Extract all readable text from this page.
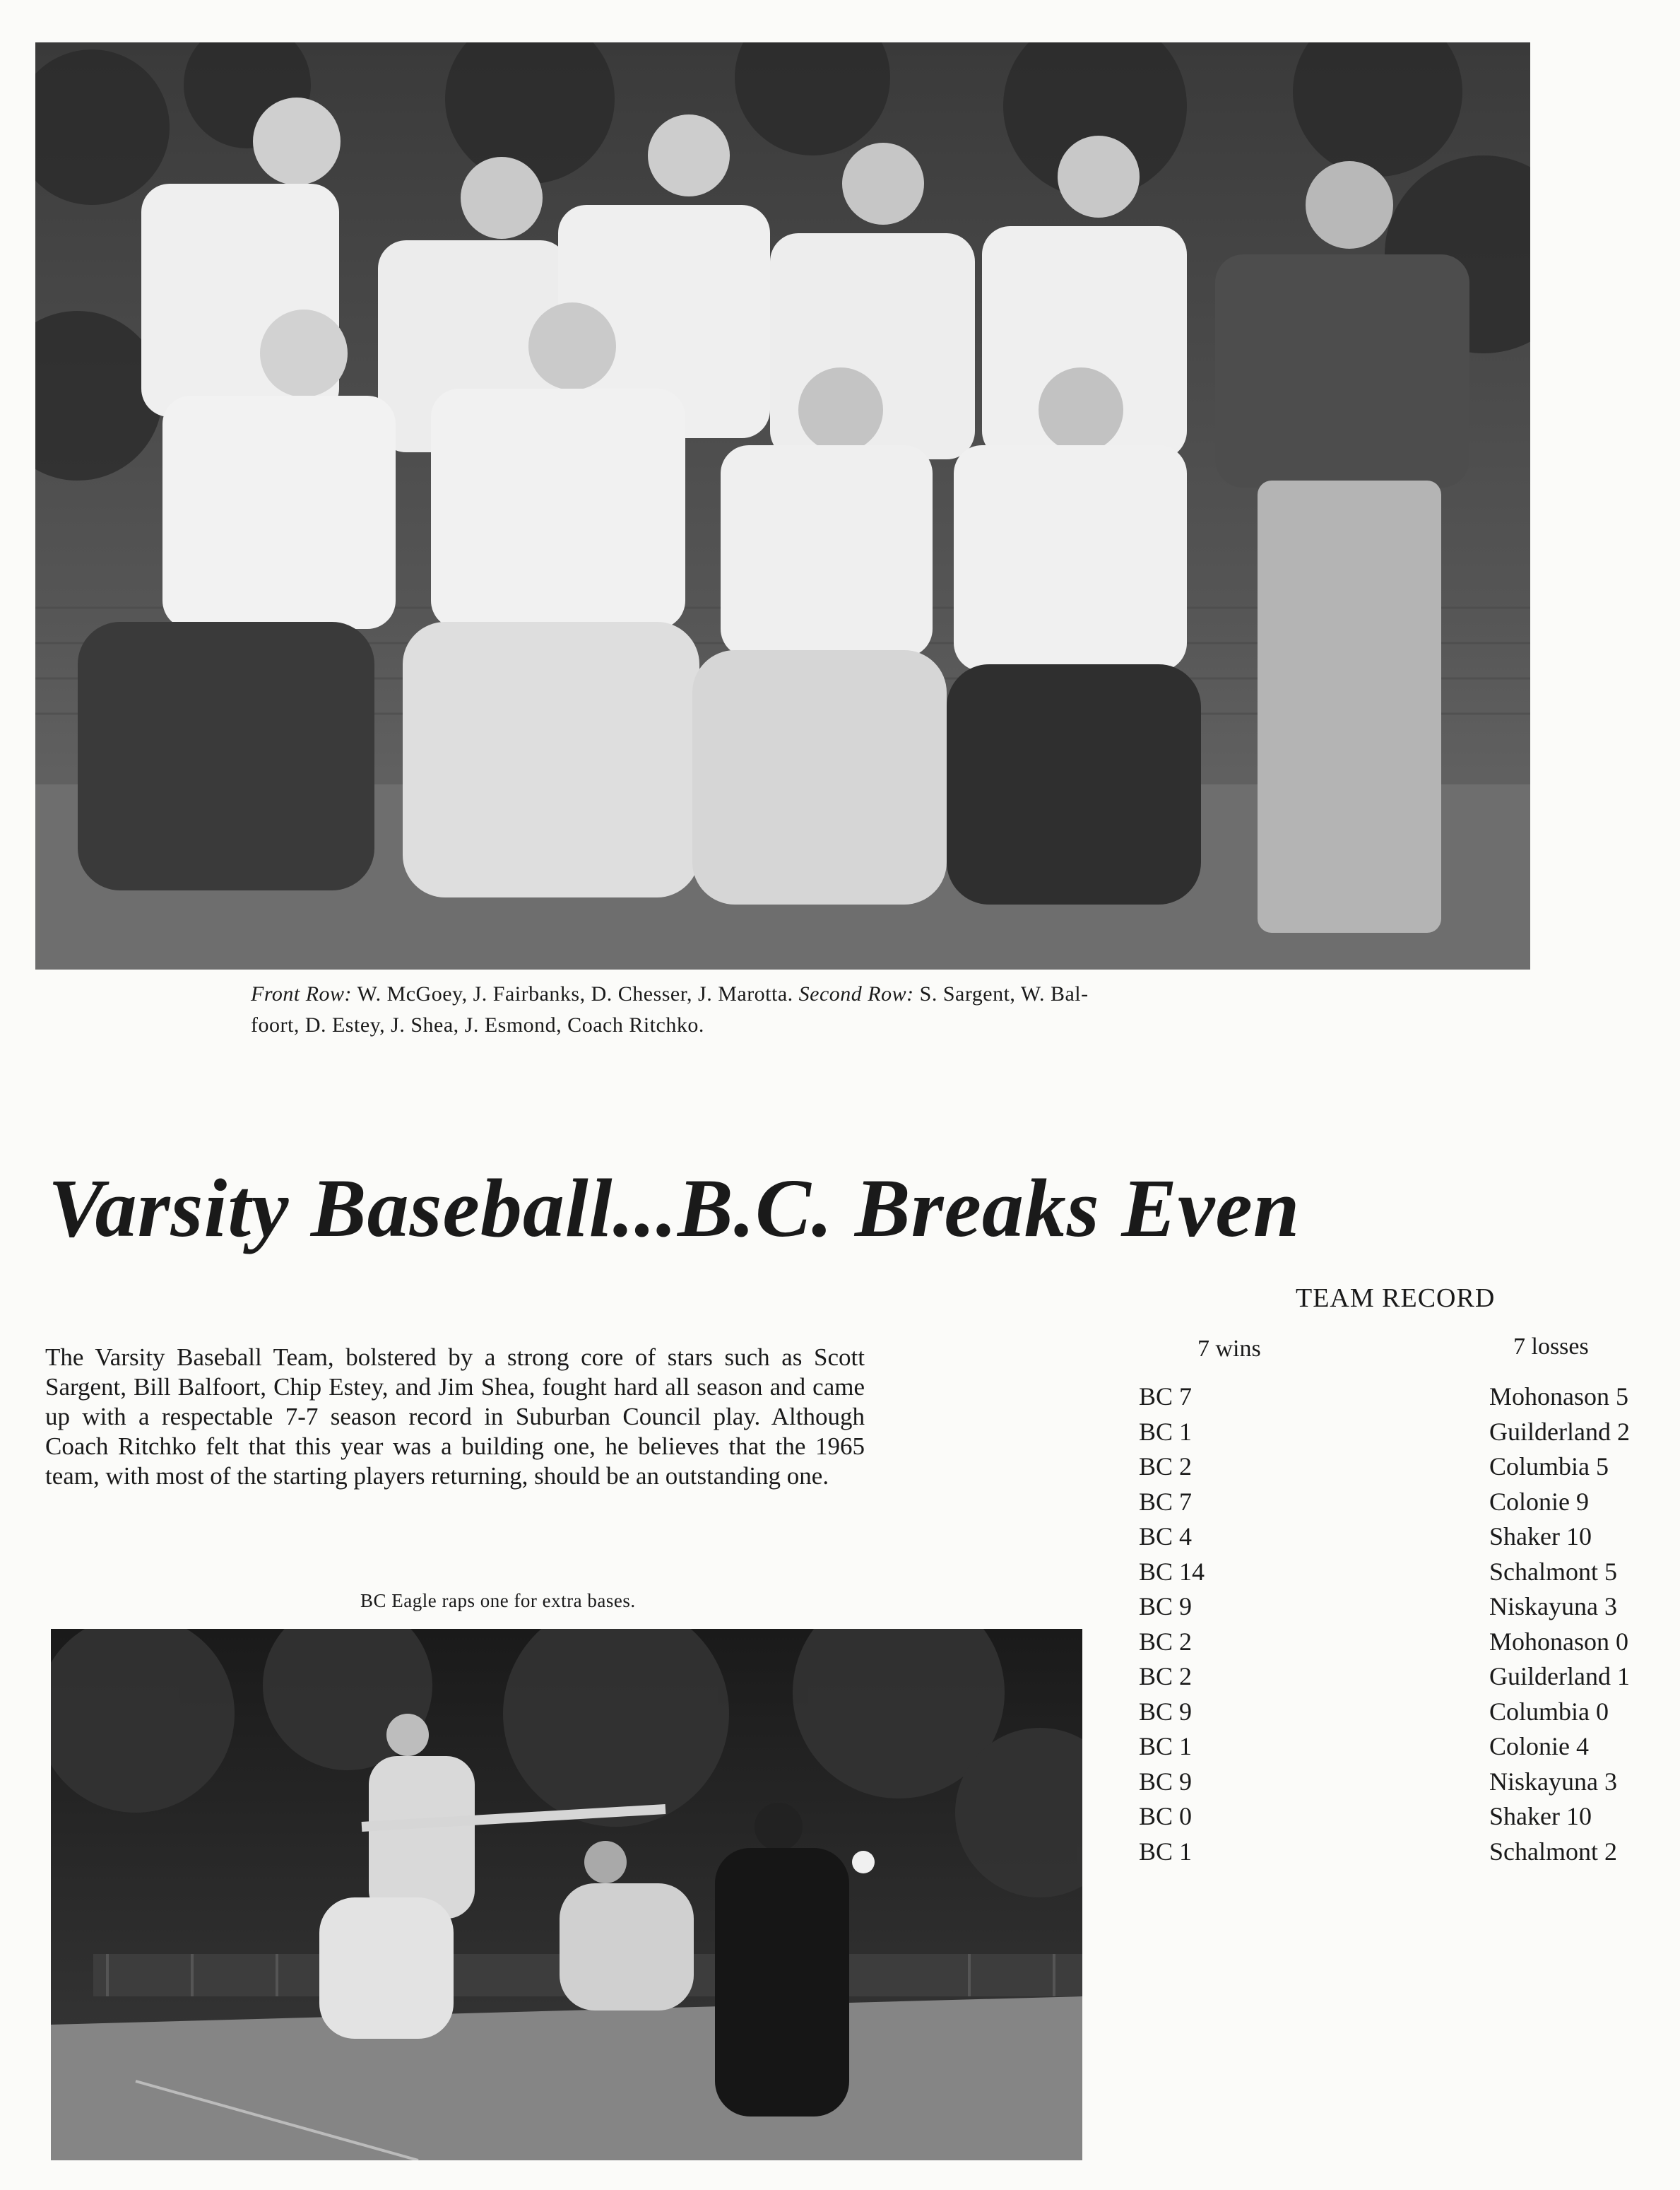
Front Row: W. McGoey, J. Fairbanks, D. Chesser, J. Marotta. Second Row: S. Sargent, W. Bal-
foort, D. Estey, J. Shea, J. Esmond, Coach Ritchko.
Varsity Baseball...B.C. Breaks Even

The Varsity Baseball Team, bolstered by a strong core of stars such as Scott Sargent, Bill Balfoort, Chip Estey, and Jim Shea, fought hard all season and came up with a respectable 7-7 season record in Suburban Council play. Although Coach Ritchko felt that this year was a building one, he believes that the 1965 team, with most of the starting players returning, should be an outstanding one.

BC Eagle raps one for extra bases.
TEAM RECORD
7 wins	7 losses
BC 7	Mohonason 5
BC 1	Guilderland 2
BC 2	Columbia 5
BC 7	Colonie 9
BC 4	Shaker 10
BC 14	Schalmont 5
BC 9	Niskayuna 3
BC 2	Mohonason 0
BC 2	Guilderland 1
BC 9	Columbia 0
BC 1	Colonie 4
BC 9	Niskayuna 3
BC 0	Shaker 10
BC 1	Schalmont 2
